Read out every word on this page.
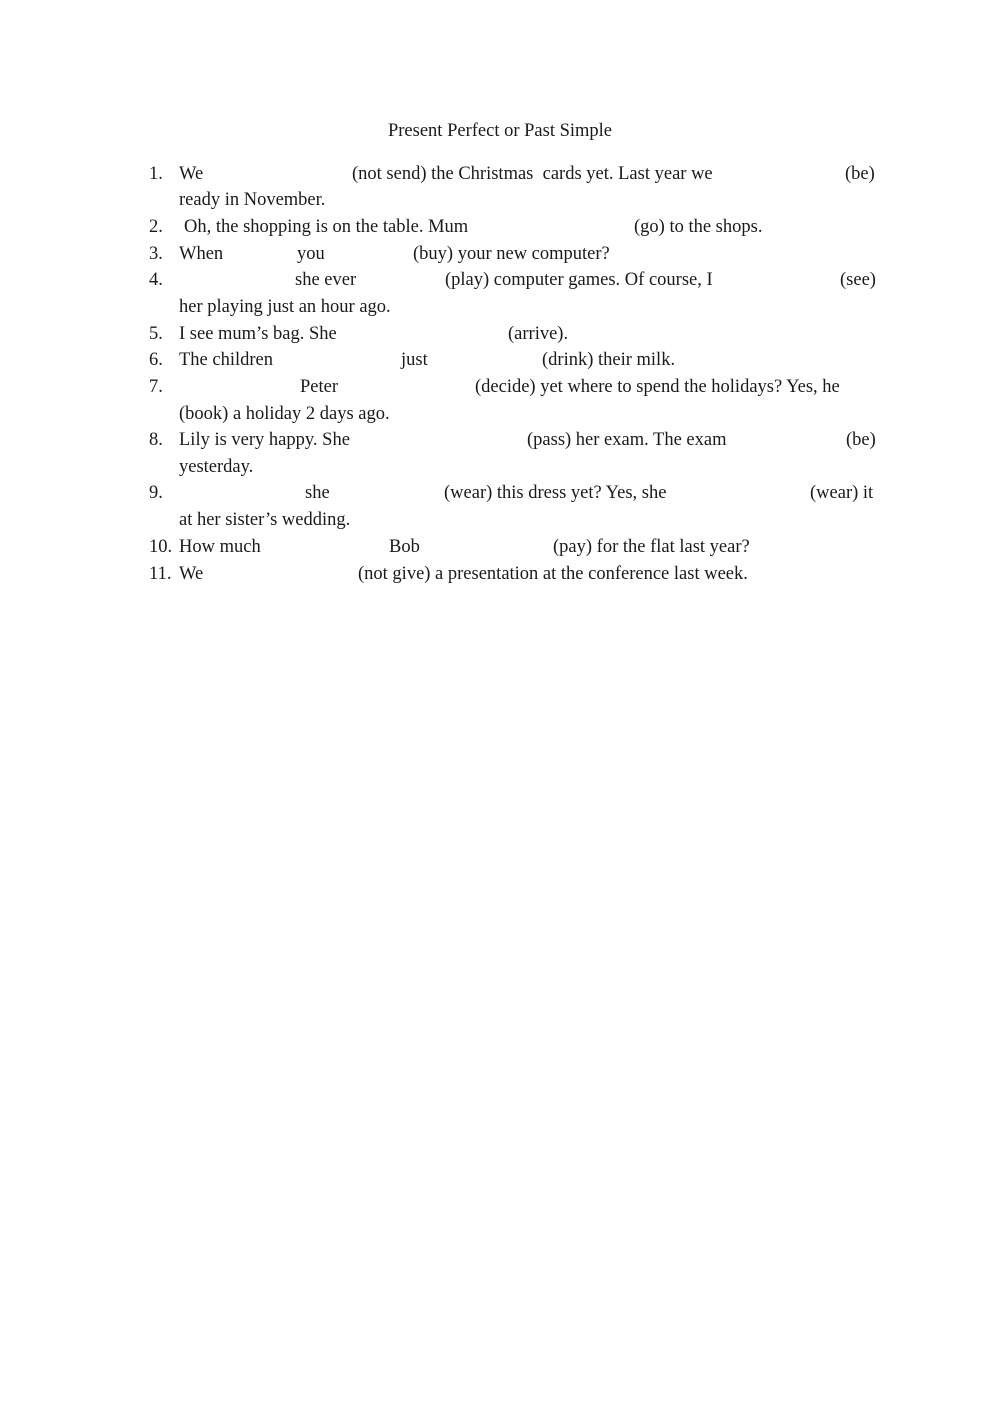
Present Perfect or Past Simple
1. We	(not send) the Christmas  cards yet. Last year we	(be)
ready in November.
2. Oh, the shopping is on the table. Mum	(go) to the shops.
3. When	you	(buy) your new computer?
4.	she ever	(play) computer games. Of course, I	(see)
her playing just an hour ago.
5. I see mum’s bag. She	(arrive).
6. The children	just	(drink) their milk.
7.	Peter	(decide) yet where to spend the holidays? Yes, he
(book) a holiday 2 days ago.
8. Lily is very happy. She	(pass) her exam. The exam	(be)
yesterday.
9.	she	(wear) this dress yet? Yes, she	(wear) it
at her sister’s wedding.
10. How much	Bob	(pay) for the flat last year?
11. We	(not give) a presentation at the conference last week.
